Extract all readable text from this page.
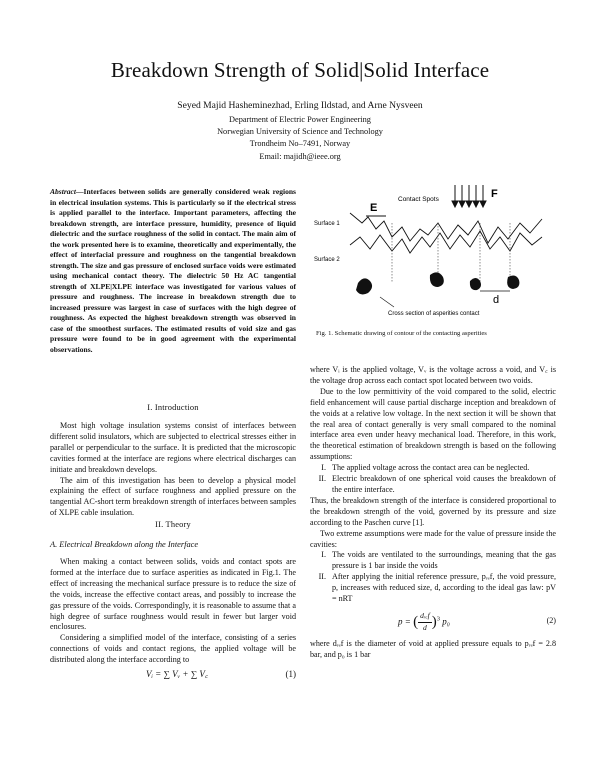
Breakdown Strength of Solid|Solid Interface
Seyed Majid Hasheminezhad, Erling Ildstad, and Arne Nysveen
Department of Electric Power Engineering
Norwegian University of Science and Technology
Trondheim No–7491, Norway
Email: majidh@ieee.org
Abstract—Interfaces between solids are generally considered weak regions in electrical insulation systems. This is particularly so if the electrical stress is applied parallel to the interface. Important parameters, affecting the breakdown strength, are interface pressure, humidity, presence of liquid dielectric and the surface roughness of the solid in contact. The main aim of the work presented here is to examine, theoretically and experimentally, the effect of interfacial pressure and roughness on the tangential breakdown strength. The size and gas pressure of enclosed surface voids were estimated using mechanical contact theory. The dielectric 50 Hz AC tangential strength of XLPE|XLPE interface was investigated for various values of pressure and roughness. The increase in breakdown strength due to increased pressure was largest in case of surfaces with the high degree of roughness. As expected the highest breakdown strength was observed in case of the smoothest surfaces. The estimated results of void size and gas pressure were found to be in good agreement with the experimental observations.
I. Introduction

Most high voltage insulation systems consist of interfaces between different solid insulators, which are subjected to electrical stresses either in parallel or perpendicular to the surface. It is predicted that the microscopic cavities formed at the interface are regions where electrical discharges can initiate and breakdown develops.

The aim of this investigation has been to develop a physical model explaining the effect of surface roughness and applied pressure on the tangential AC-short term breakdown strength of interfaces between samples of XLPE cable insulation.

II. Theory
A. Electrical Breakdown along the Interface

When making a contact between solids, voids and contact spots are formed at the interface due to surface asperities as indicated in Fig.1. The effect of increasing the mechanical surface pressure is to reduce the size of the voids, increase the effective contact areas, and possibly to increase the gas pressure of the voids. Correspondingly, it is reasonable to assume that a high degree of surface roughness would result in fewer but larger void enclosures.

Considering a simplified model of the interface, consisting of a series connections of voids and contact regions, the applied voltage will be distributed along the interface according to

Vᵢ = ∑ Vᵥ + ∑ V꜀	(1)
F
E
Contact Spots
Surface 1
Surface 2
d
Cross section of asperities contact
Fig. 1. Schematic drawing of contour of the contacting asperities

where Vᵢ is the applied voltage, Vᵥ is the voltage across a void, and V꜀ is the voltage drop across each contact spot located between two voids.

Due to the low permittivity of the void compared to the solid, electric field enhancement will cause partial discharge inception and breakdown of the voids at a relative low voltage. In the next section it will be shown that the real area of contact generally is very small compared to the nominal interface area even under heavy mechanical load. Therefore, in this work, the theoretical estimation of breakdown strength is based on the following assumptions:

I. The applied voltage across the contact area can be neglected.
II. Electric breakdown of one spherical void causes the breakdown of the entire interface.

Thus, the breakdown strength of the interface is considered proportional to the breakdown strength of the void, governed by its pressure and size according to the Paschen curve [1].

Two extreme assumptions were made for the value of pressure inside the cavities:

I. The voids are ventilated to the surroundings, meaning that the gas pressure is 1 bar inside the voids
II. After applying the initial reference pressure, pᵣₑf, the void pressure, p, increases with reduced size, d, according to the ideal gas law: pV = nRT
p = ( $\frac{\text{dᵣₑf}}{d} )^3$ p₀	(2)

where dᵣₑf is the diameter of void at applied pressure equals to pᵣₑf = 2.8 bar, and p₀ is 1 bar
